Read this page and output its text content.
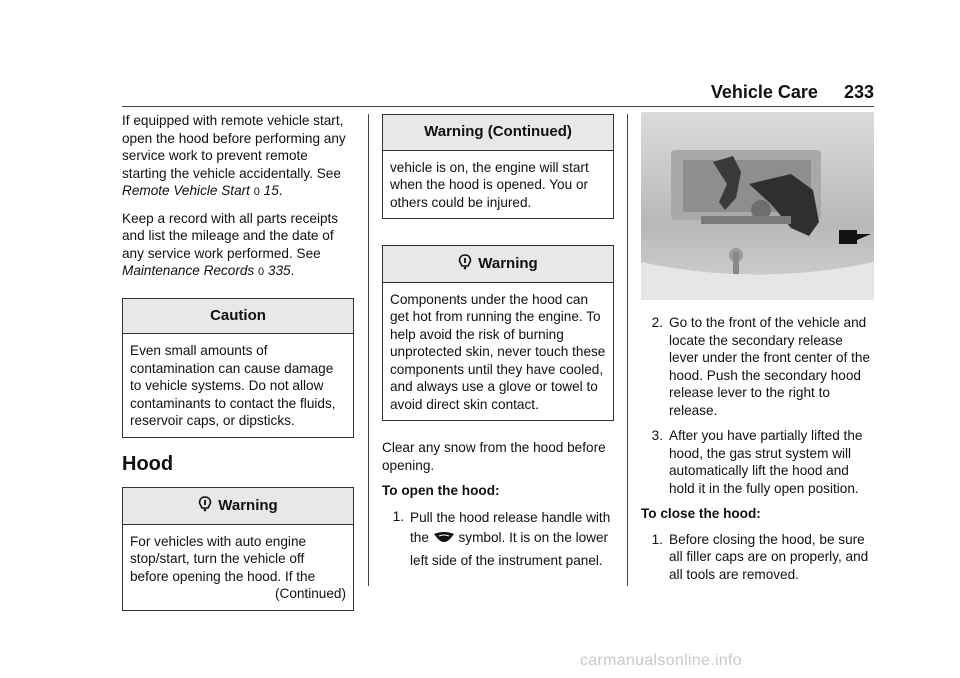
Vehicle Care 233

If equipped with remote vehicle start, open the hood before performing any service work to prevent remote starting the vehicle accidentally. See Remote Vehicle Start 0 15.

Keep a record with all parts receipts and list the mileage and the date of any service work performed. See Maintenance Records 0 335.

Caution
Even small amounts of contamination can cause damage to vehicle systems. Do not allow contaminants to contact the fluids, reservoir caps, or dipsticks.
Hood
Warning
For vehicles with auto engine stop/start, turn the vehicle off before opening the hood. If the
(Continued)
Warning (Continued)
vehicle is on, the engine will start when the hood is opened. You or others could be injured.
Warning
Components under the hood can get hot from running the engine. To help avoid the risk of burning unprotected skin, never touch these components until they have cooled, and always use a glove or towel to avoid direct skin contact.

Clear any snow from the hood before opening.

To open the hood:

1. Pull the hood release handle with the symbol. It is on the lower left side of the instrument panel.
2. Go to the front of the vehicle and locate the secondary release lever under the front center of the hood. Push the secondary hood release lever to the right to release.
3. After you have partially lifted the hood, the gas strut system will automatically lift the hood and hold it in the fully open position.

To close the hood:

1. Before closing the hood, be sure all filler caps are on properly, and all tools are removed.
carmanualsonline.info
